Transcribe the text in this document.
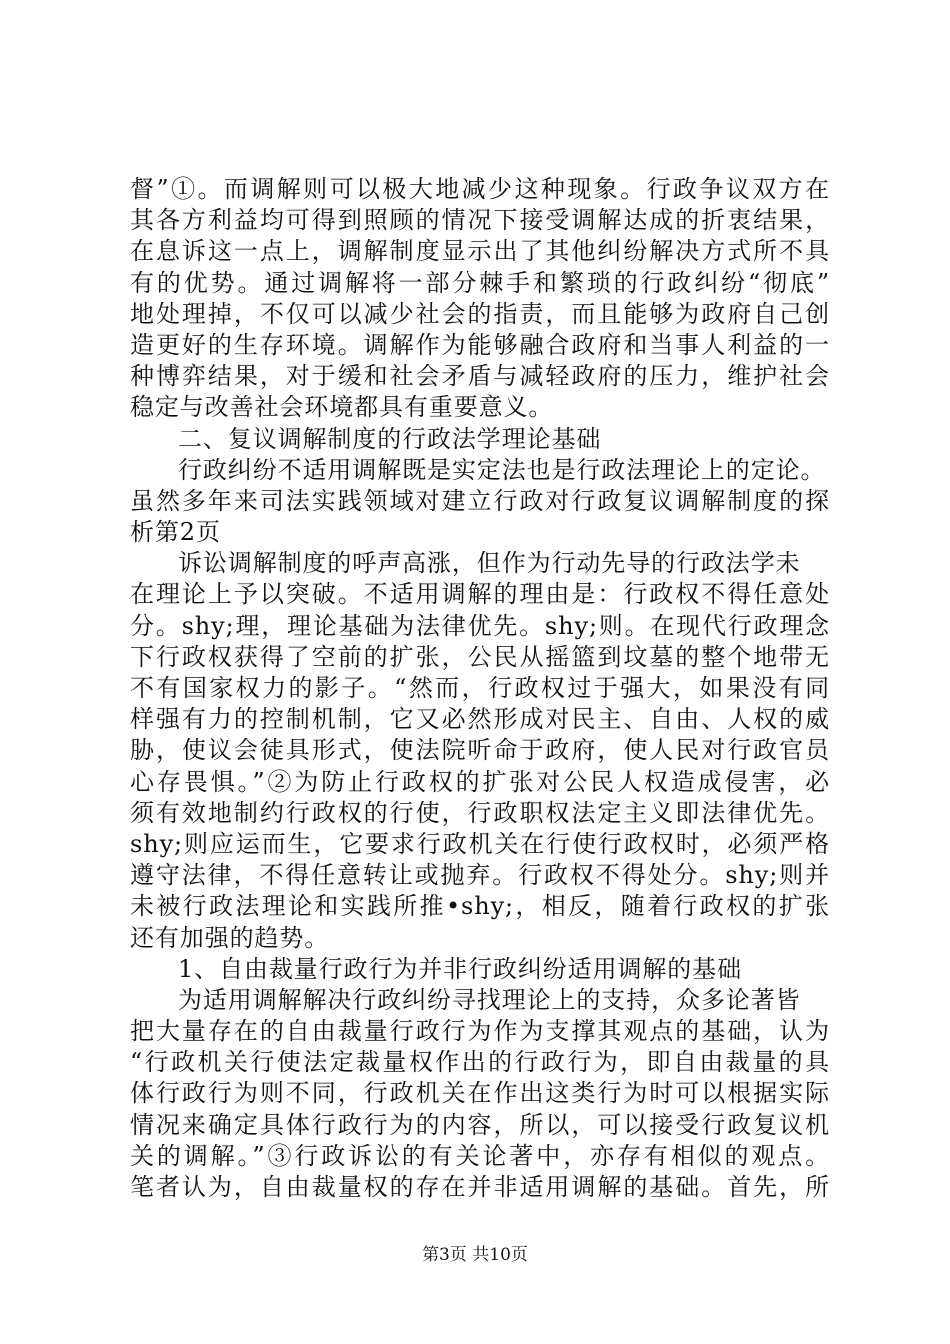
督”①。而调解则可以极大地减少这种现象。行政争议双方在
其各方利益均可得到照顾的情况下接受调解达成的折衷结果，
在息诉这一点上，调解制度显示出了其他纠纷解决方式所不具
有的优势。通过调解将一部分棘手和繁琐的行政纠纷“彻底”
地处理掉，不仅可以减少社会的指责，而且能够为政府自己创
造更好的生存环境。调解作为能够融合政府和当事人利益的一
种博弈结果，对于缓和社会矛盾与减轻政府的压力，维护社会
稳定与改善社会环境都具有重要意义。
二、复议调解制度的行政法学理论基础
行政纠纷不适用调解既是实定法也是行政法理论上的定论。
虽然多年来司法实践领域对建立行政对行政复议调解制度的探
析第2页
诉讼调解制度的呼声高涨，但作为行动先导的行政法学未
在理论上予以突破。不适用调解的理由是：行政权不得任意处
分。shy;理，理论基础为法律优先。shy;则。在现代行政理念
下行政权获得了空前的扩张，公民从摇篮到坟墓的整个地带无
不有国家权力的影子。“然而，行政权过于强大，如果没有同
样强有力的控制机制，它又必然形成对民主、自由、人权的威
胁，使议会徒具形式，使法院听命于政府，使人民对行政官员
心存畏惧。”②为防止行政权的扩张对公民人权造成侵害，必
须有效地制约行政权的行使，行政职权法定主义即法律优先。
shy;则应运而生，它要求行政机关在行使行政权时，必须严格
遵守法律，不得任意转让或抛弃。行政权不得处分。shy;则并
未被行政法理论和实践所推•shy;，相反，随着行政权的扩张
还有加强的趋势。
1、自由裁量行政行为并非行政纠纷适用调解的基础
为适用调解解决行政纠纷寻找理论上的支持，众多论著皆
把大量存在的自由裁量行政行为作为支撑其观点的基础，认为
“行政机关行使法定裁量权作出的行政行为，即自由裁量的具
体行政行为则不同，行政机关在作出这类行为时可以根据实际
情况来确定具体行政行为的内容，所以，可以接受行政复议机
关的调解。”③行政诉讼的有关论著中，亦存有相似的观点。
笔者认为，自由裁量权的存在并非适用调解的基础。首先，所
第3页 共10页
